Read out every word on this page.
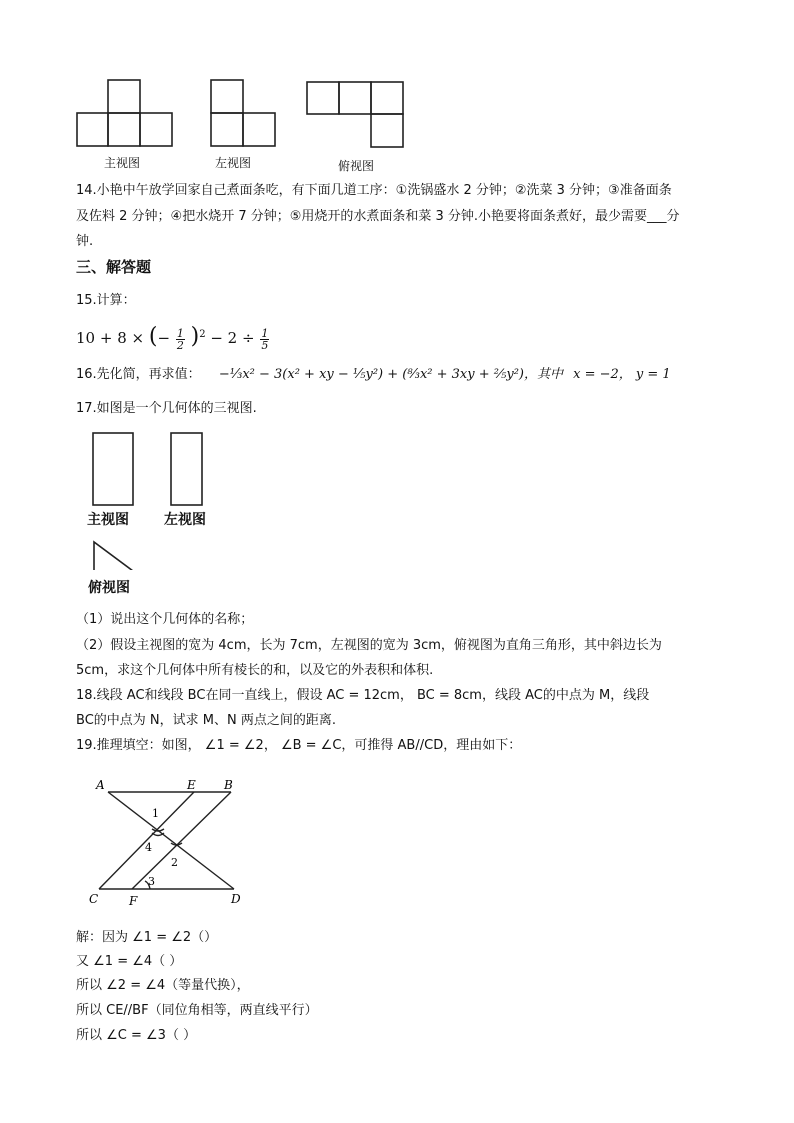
主视图	左视图	俯视图
14.小艳中午放学回家自己煮面条吃，有下面几道工序：①洗锅盛水 2 分钟；②洗菜 3 分钟；③准备面条
及佐料 2 分钟；④把水烧开 7 分钟；⑤用烧开的水煮面条和菜 3 分钟.小艳要将面条煮好，最少需要___分
钟.
三、解答题
15.计算：
10 + 8 × (− $\frac{1}{2} )^2 - 2 \div \frac{1}{5}$
16.先化简，再求值： −⅓x² − 3(x² + xy − ⅕y²) + (⁸⁄₃x² + 3xy + ⅖y²)，其中 x = −2， y = 1
17.如图是一个几何体的三视图.
主视图	左视图
俯视图
（1）说出这个几何体的名称；
（2）假设主视图的宽为 4cm，长为 7cm，左视图的宽为 3cm，俯视图为直角三角形，其中斜边长为
5cm，求这个几何体中所有棱长的和，以及它的外表积和体积.
18.线段 AC和线段 BC在同一直线上，假设 AC = 12cm， BC = 8cm，线段 AC的中点为 M，线段
BC的中点为 N，试求 M、N 两点之间的距离.
19.推理填空：如图， ∠1 = ∠2， ∠B = ∠C，可推得 AB//CD，理由如下：
A	E B
C	F	D
1
2
3
4
解：因为 ∠1 = ∠2（）
又 ∠1 = ∠4（ ）
所以 ∠2 = ∠4（等量代换），
所以 CE//BF（同位角相等，两直线平行）
所以 ∠C = ∠3（ ）
